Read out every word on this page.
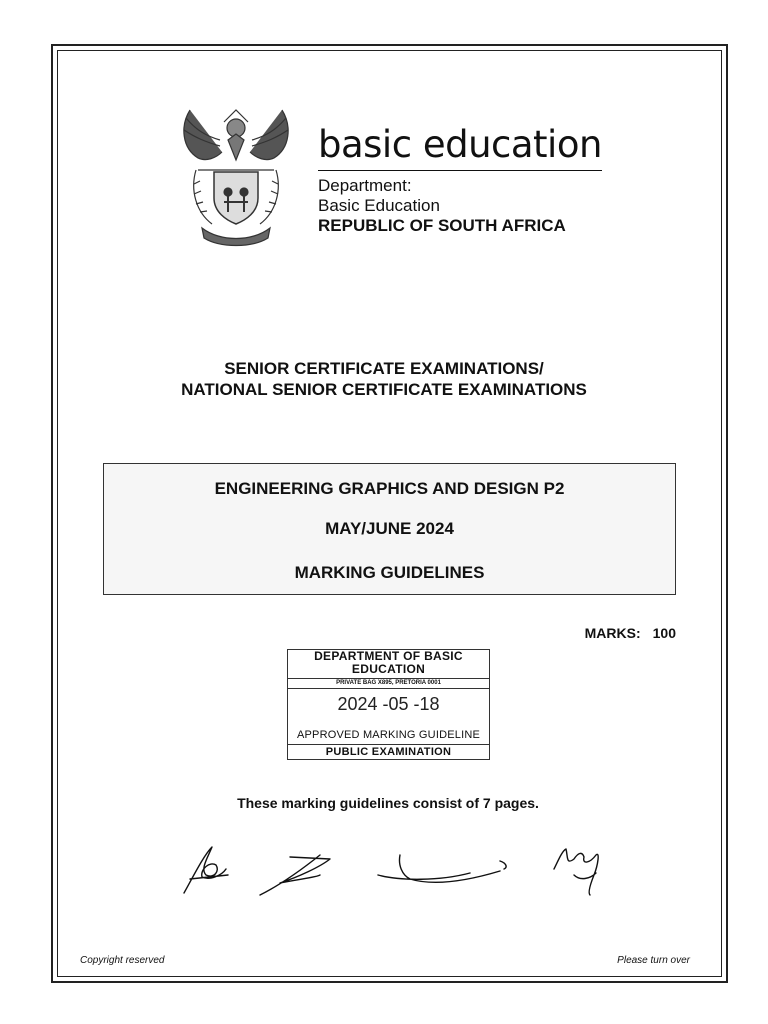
basic education
Department:
Basic Education
REPUBLIC OF SOUTH AFRICA
SENIOR CERTIFICATE EXAMINATIONS/
NATIONAL SENIOR CERTIFICATE EXAMINATIONS
ENGINEERING GRAPHICS AND DESIGN P2
MAY/JUNE 2024
MARKING GUIDELINES
MARKS: 100
DEPARTMENT OF BASIC EDUCATION
PRIVATE BAG X895, PRETORIA 0001
2024 -05 -18
APPROVED MARKING GUIDELINE
PUBLIC EXAMINATION
These marking guidelines consist of 7 pages.
Copyright reserved	Please turn over
